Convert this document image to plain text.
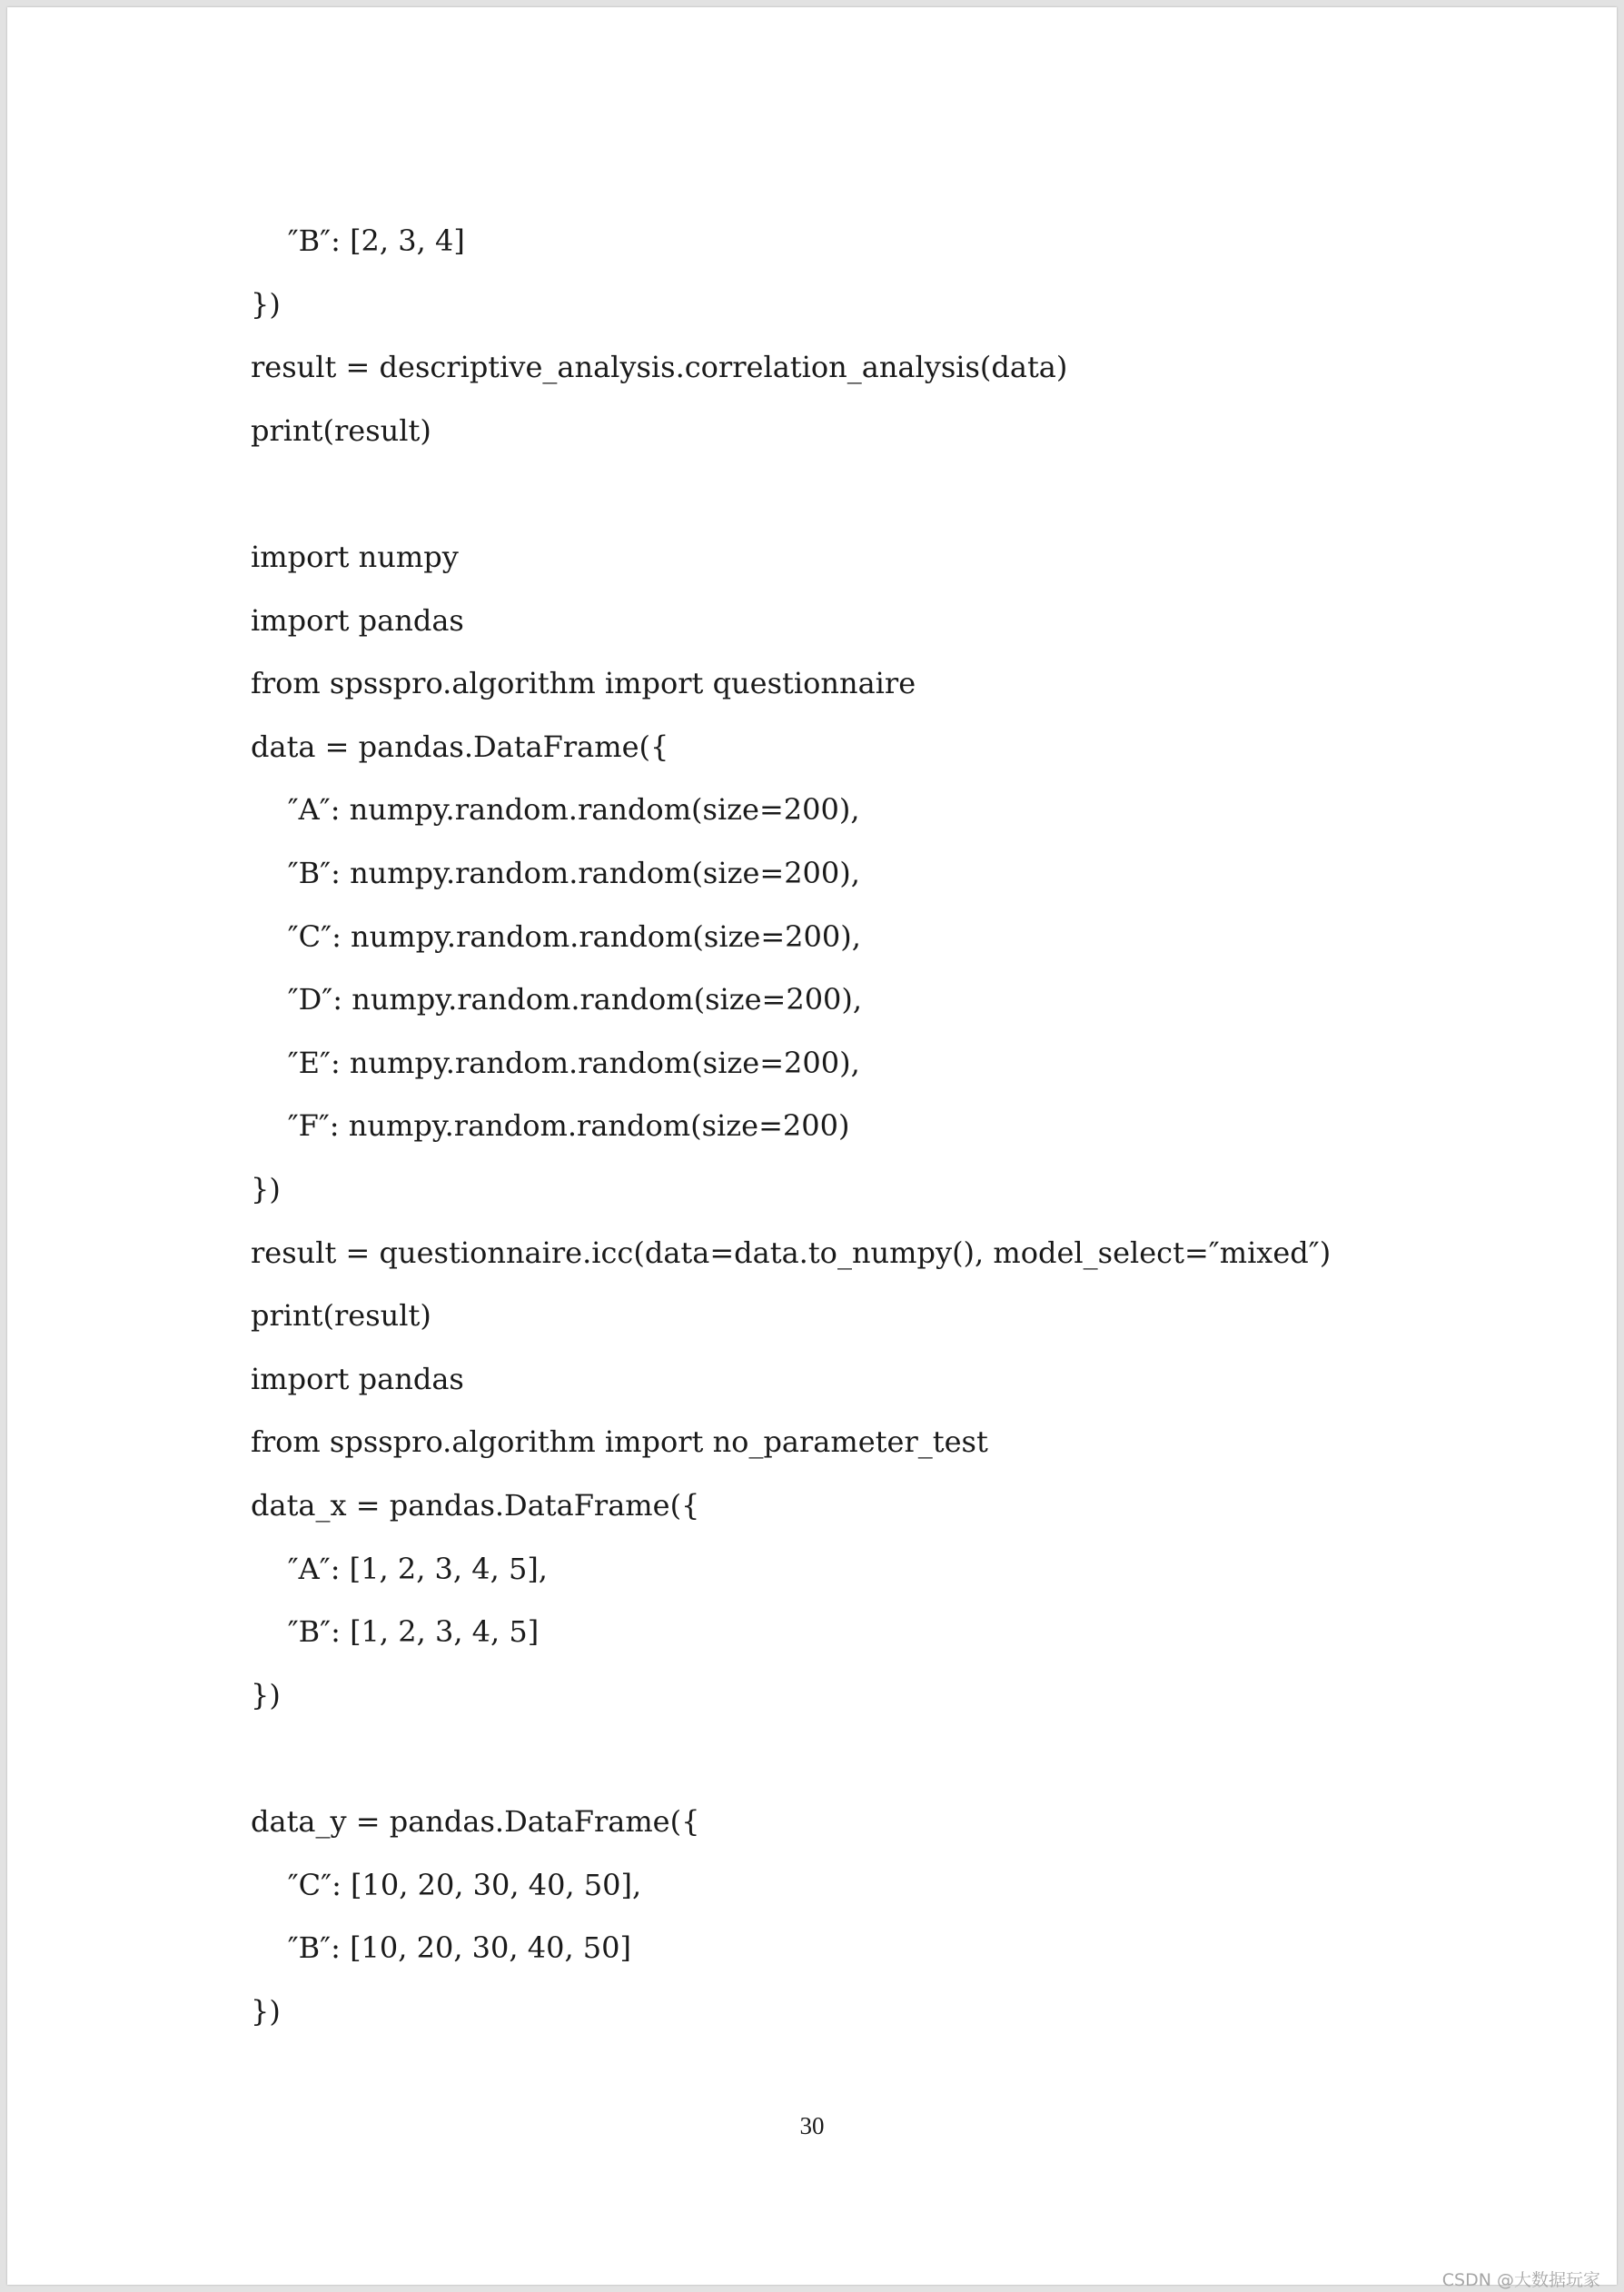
″B″: [2, 3, 4]
})
result = descriptive_analysis.correlation_analysis(data)
print(result)
import numpy
import pandas
from spsspro.algorithm import questionnaire
data = pandas.DataFrame({
″A″: numpy.random.random(size=200),
″B″: numpy.random.random(size=200),
″C″: numpy.random.random(size=200),
″D″: numpy.random.random(size=200),
″E″: numpy.random.random(size=200),
″F″: numpy.random.random(size=200)
})
result = questionnaire.icc(data=data.to_numpy(), model_select=″mixed″)
print(result)
import pandas
from spsspro.algorithm import no_parameter_test
data_x = pandas.DataFrame({
″A″: [1, 2, 3, 4, 5],
″B″: [1, 2, 3, 4, 5]
})
data_y = pandas.DataFrame({
″C″: [10, 20, 30, 40, 50],
″B″: [10, 20, 30, 40, 50]
})
30
CSDN @大数据玩家
